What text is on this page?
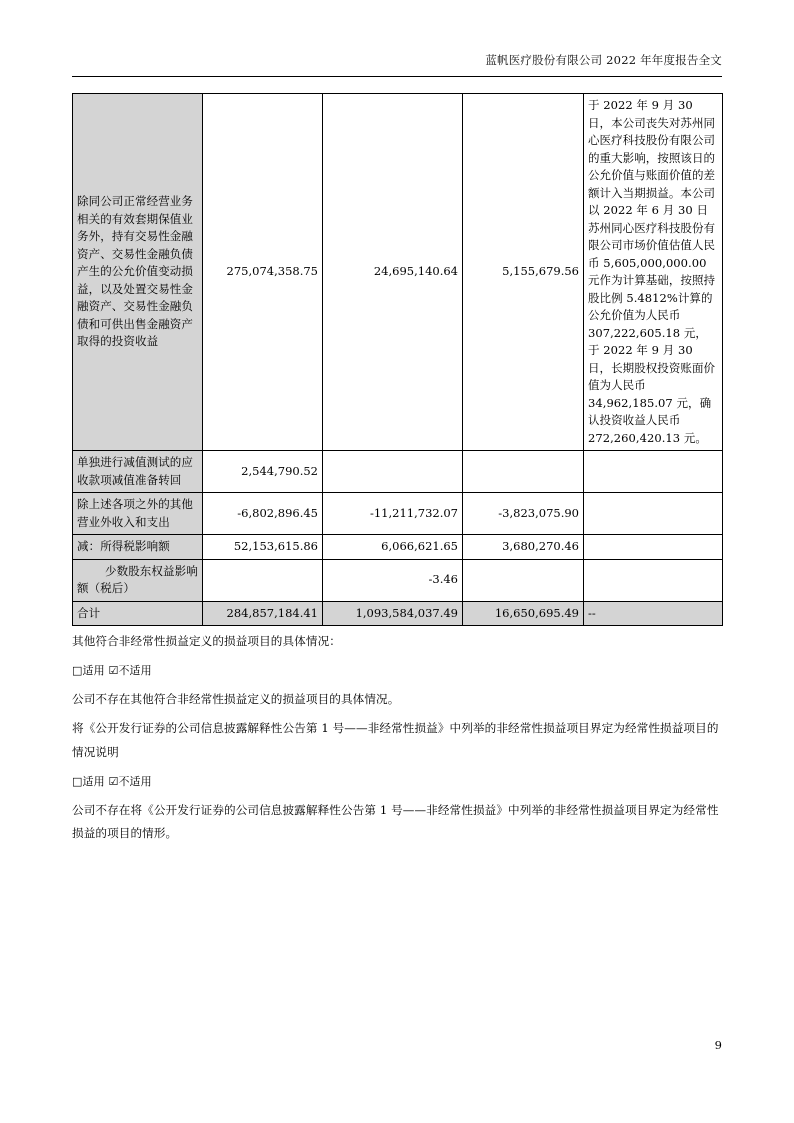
蓝帆医疗股份有限公司 2022 年年度报告全文
除同公司正常经营业务相关的有效套期保值业务外，持有交易性金融资产、交易性金融负债产生的公允价值变动损益，以及处置交易性金融资产、交易性金融负债和可供出售金融资产取得的投资收益	275,074,358.75	24,695,140.64	5,155,679.56	于 2022 年 9 月 30 日，本公司丧失对苏州同心医疗科技股份有限公司的重大影响，按照该日的公允价值与账面价值的差额计入当期损益。本公司以 2022 年 6 月 30 日苏州同心医疗科技股份有限公司市场价值估值人民币 5,605,000,000.00 元作为计算基础，按照持股比例 5.4812%计算的公允价值为人民币 307,222,605.18 元，于 2022 年 9 月 30 日，长期股权投资账面价值为人民币 34,962,185.07 元，确认投资收益人民币 272,260,420.13 元。
单独进行减值测试的应收款项减值准备转回	2,544,790.52			
除上述各项之外的其他营业外收入和支出	-6,802,896.45	-11,211,732.07	-3,823,075.90	
减：所得税影响额	52,153,615.86	6,066,621.65	3,680,270.46	
少数股东权益影响额（税后）		-3.46		
合计	284,857,184.41	1,093,584,037.49	16,650,695.49	--

其他符合非经常性损益定义的损益项目的具体情况：

□适用 ☑不适用

公司不存在其他符合非经常性损益定义的损益项目的具体情况。

将《公开发行证券的公司信息披露解释性公告第 1 号——非经常性损益》中列举的非经常性损益项目界定为经常性损益项目的情况说明

□适用 ☑不适用

公司不存在将《公开发行证券的公司信息披露解释性公告第 1 号——非经常性损益》中列举的非经常性损益项目界定为经常性损益的项目的情形。

9
